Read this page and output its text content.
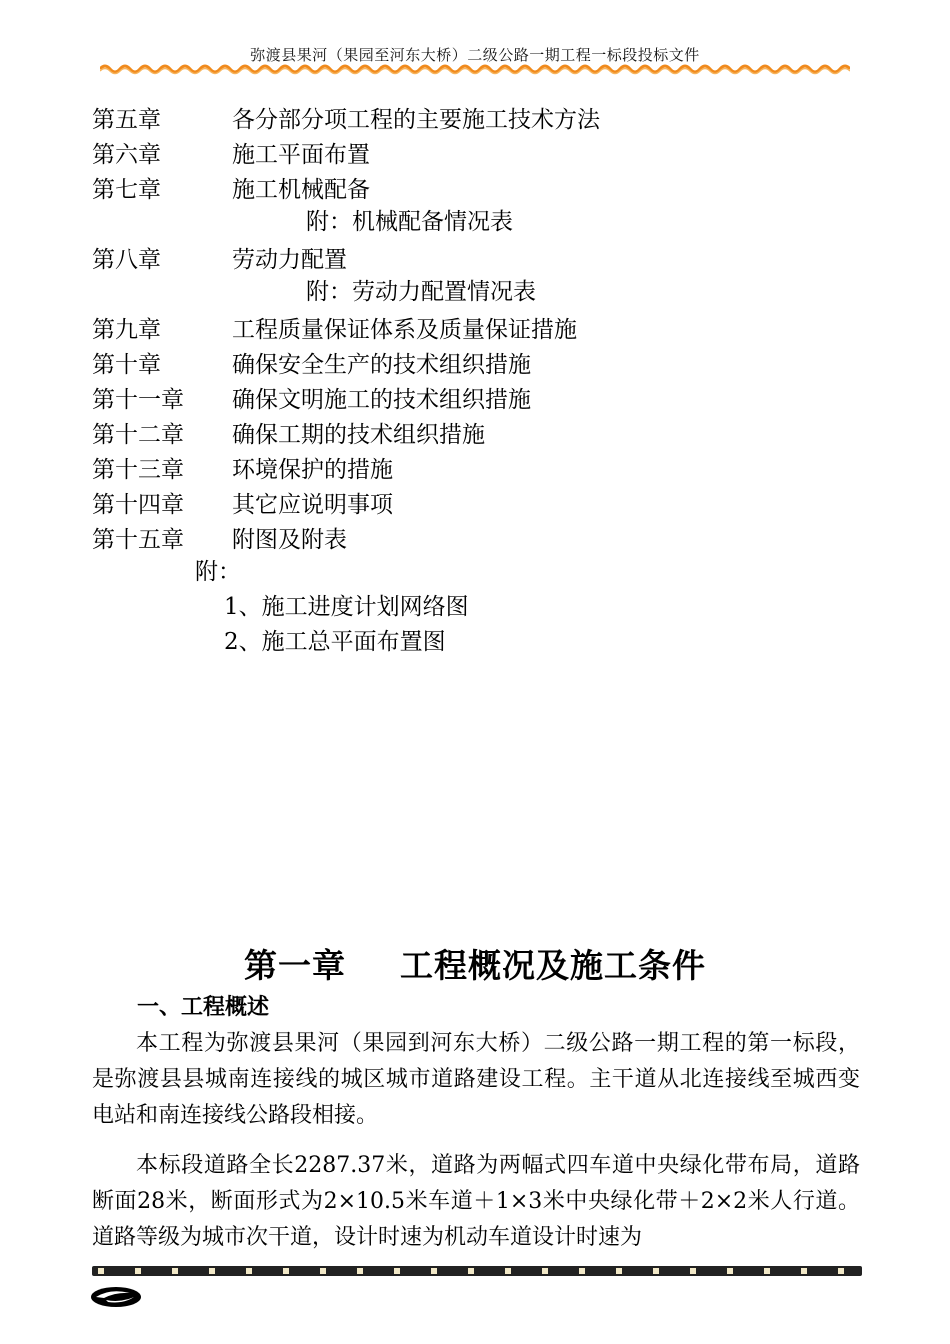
弥渡县果河（果园至河东大桥）二级公路一期工程一标段投标文件
第五章	各分部分项工程的主要施工技术方法
第六章	施工平面布置
第七章	施工机械配备
附：机械配备情况表
第八章	劳动力配置
附：劳动力配置情况表
第九章	工程质量保证体系及质量保证措施
第十章	确保安全生产的技术组织措施
第十一章	确保文明施工的技术组织措施
第十二章	确保工期的技术组织措施
第十三章	环境保护的措施
第十四章	其它应说明事项
第十五章	附图及附表
附：
1、施工进度计划网络图
2、施工总平面布置图
第一章 工程概况及施工条件
一、工程概述

本工程为弥渡县果河（果园到河东大桥）二级公路一期工程的第一标段，是弥渡县县城南连接线的城区城市道路建设工程。主干道从北连接线至城西变电站和南连接线公路段相接。

本标段道路全长2287.37米，道路为两幅式四车道中央绿化带布局，道路断面28米，断面形式为2×10.5米车道＋1×3米中央绿化带＋2×2米人行道。道路等级为城市次干道，设计时速为机动车道设计时速为
